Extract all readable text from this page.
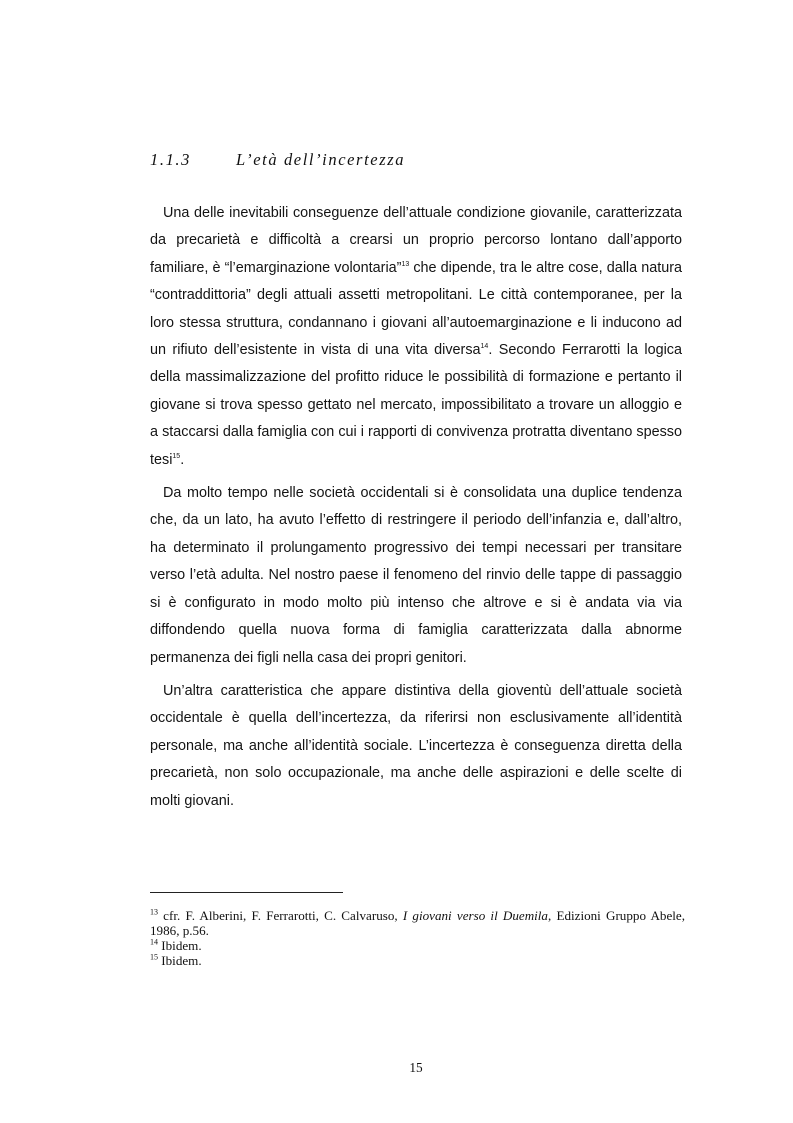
1.1.3	L’età dell’incertezza

Una delle inevitabili conseguenze dell’attuale condizione giovanile, caratterizzata da precarietà e difficoltà a crearsi un proprio percorso lontano dall’apporto familiare, è “l’emarginazione volontaria”$^{13}$ che dipende, tra le altre cose, dalla natura “contraddittoria” degli attuali assetti metropolitani. Le città contemporanee, per la loro stessa struttura, condannano i giovani all’autoemarginazione e li inducono ad un rifiuto dell’esistente in vista di una vita diversa$^{14}$. Secondo Ferrarotti la logica della massimalizzazione del profitto riduce le possibilità di formazione e pertanto il giovane si trova spesso gettato nel mercato, impossibilitato a trovare un alloggio e a staccarsi dalla famiglia con cui i rapporti di convivenza protratta diventano spesso tesi$^{15}$.

Da molto tempo nelle società occidentali si è consolidata una duplice tendenza che, da un lato, ha avuto l’effetto di restringere il periodo dell’infanzia e, dall’altro, ha determinato il prolungamento progressivo dei tempi necessari per transitare verso l’età adulta. Nel nostro paese il fenomeno del rinvio delle tappe di passaggio si è configurato in modo molto più intenso che altrove e si è andata via via diffondendo quella nuova forma di famiglia caratterizzata dalla abnorme permanenza dei figli nella casa dei propri genitori.

Un’altra caratteristica che appare distintiva della gioventù dell’attuale società occidentale è quella dell’incertezza, da riferirsi non esclusivamente all’identità personale, ma anche all’identità sociale. L’incertezza è conseguenza diretta della precarietà, non solo occupazionale, ma anche delle aspirazioni e delle scelte di molti giovani.

$^{13}$ cfr. F. Alberini, F. Ferrarotti, C. Calvaruso, I giovani verso il Duemila, Edizioni Gruppo Abele, 1986, p.56.
$^{14}$ Ibidem.
$^{15}$ Ibidem.
15
